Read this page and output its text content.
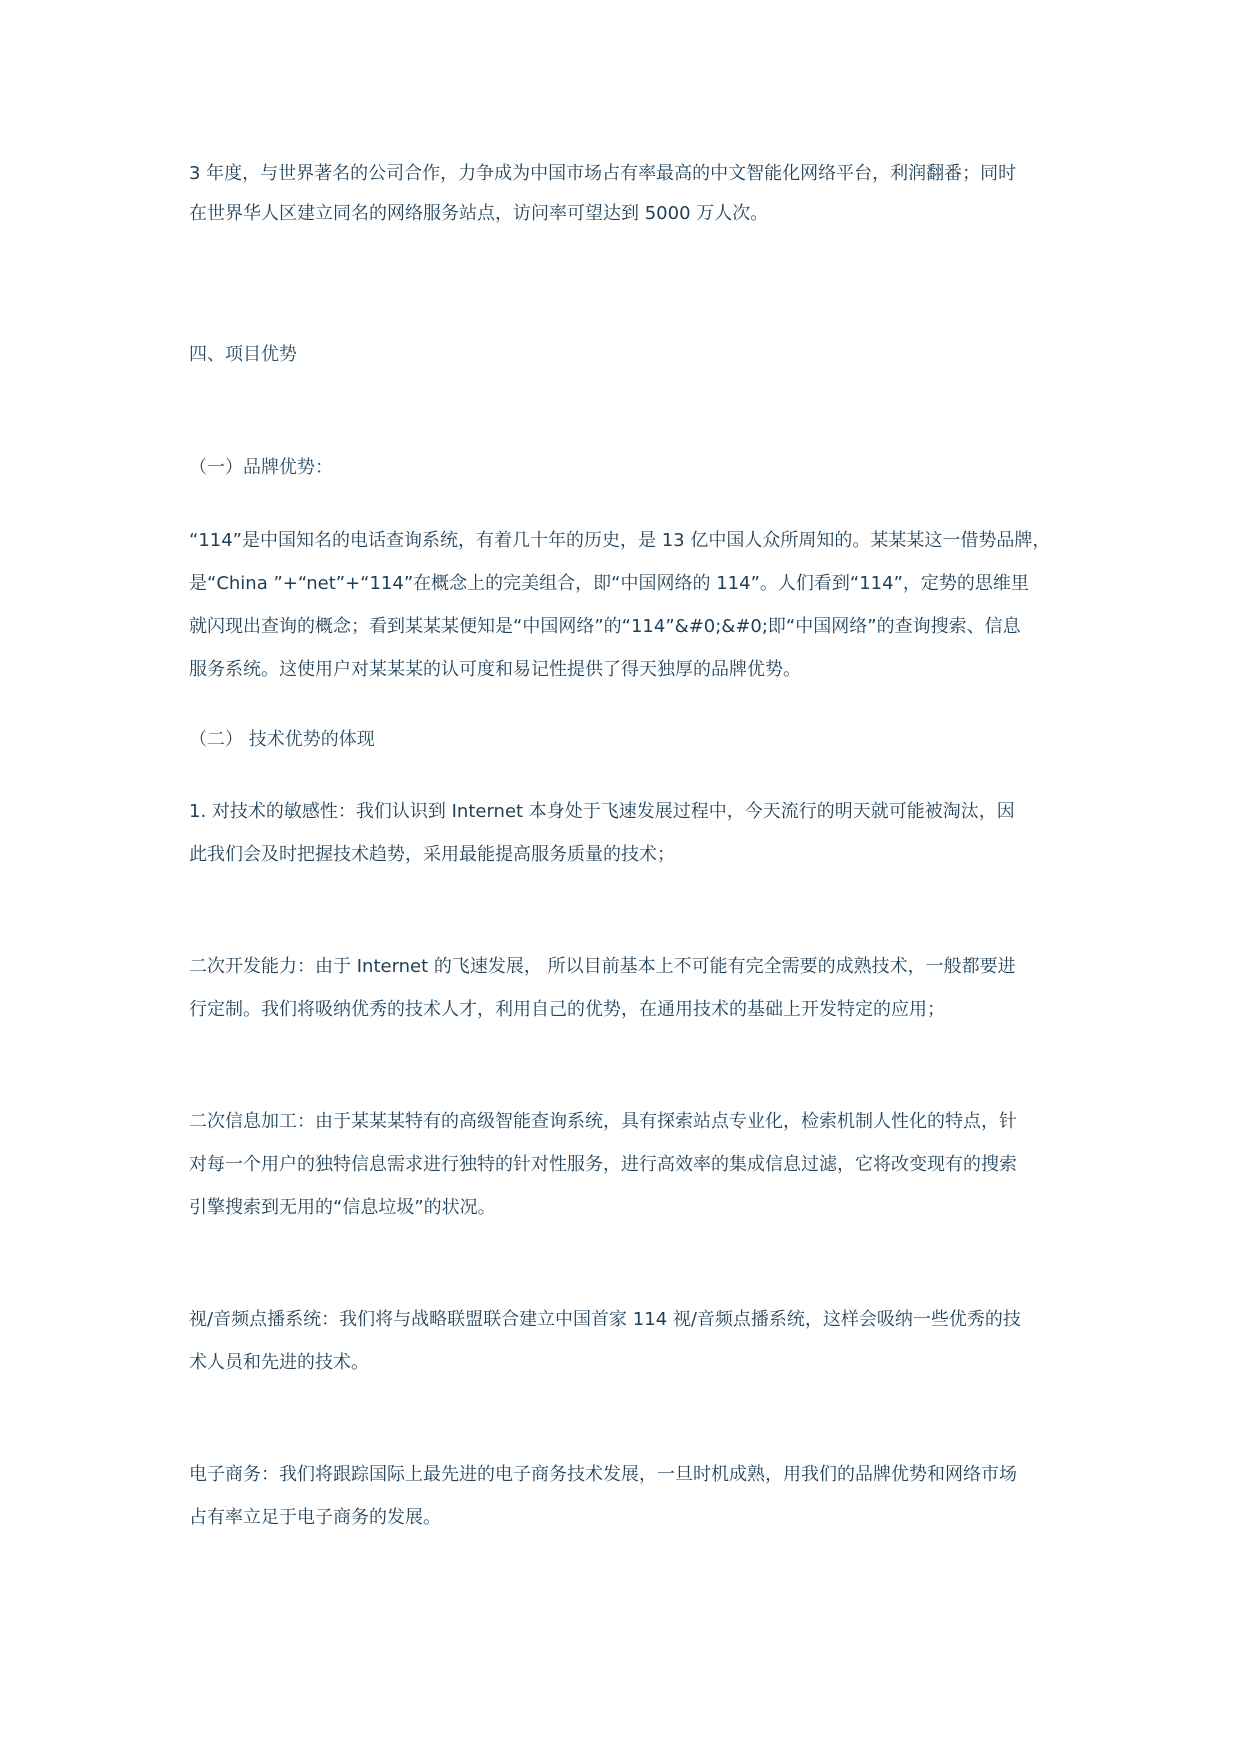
3 年度，与世界著名的公司合作，力争成为中国市场占有率最高的中文智能化网络平台，利润翻番；同时
在世界华人区建立同名的网络服务站点，访问率可望达到 5000 万人次。
四、项目优势
（一）品牌优势：
“114”是中国知名的电话查询系统，有着几十年的历史，是 13 亿中国人众所周知的。某某某这一借势品牌，
是“China ”+“net”+“114”在概念上的完美组合，即“中国网络的 114”。人们看到“114”，定势的思维里
就闪现出查询的概念；看到某某某便知是“中国网络”的“114”&#0;&#0;即“中国网络”的查询搜索、信息
服务系统。这使用户对某某某的认可度和易记性提供了得天独厚的品牌优势。
（二） 技术优势的体现
1. 对技术的敏感性：我们认识到 Internet 本身处于飞速发展过程中，今天流行的明天就可能被淘汰，因
此我们会及时把握技术趋势，采用最能提高服务质量的技术；
二次开发能力：由于 Internet 的飞速发展， 所以目前基本上不可能有完全需要的成熟技术，一般都要进
行定制。我们将吸纳优秀的技术人才，利用自己的优势，在通用技术的基础上开发特定的应用；
二次信息加工：由于某某某特有的高级智能查询系统，具有探索站点专业化，检索机制人性化的特点，针
对每一个用户的独特信息需求进行独特的针对性服务，进行高效率的集成信息过滤，它将改变现有的搜索
引擎搜索到无用的“信息垃圾”的状况。
视/音频点播系统：我们将与战略联盟联合建立中国首家 114 视/音频点播系统，这样会吸纳一些优秀的技
术人员和先进的技术。
电子商务：我们将跟踪国际上最先进的电子商务技术发展，一旦时机成熟，用我们的品牌优势和网络市场
占有率立足于电子商务的发展。
